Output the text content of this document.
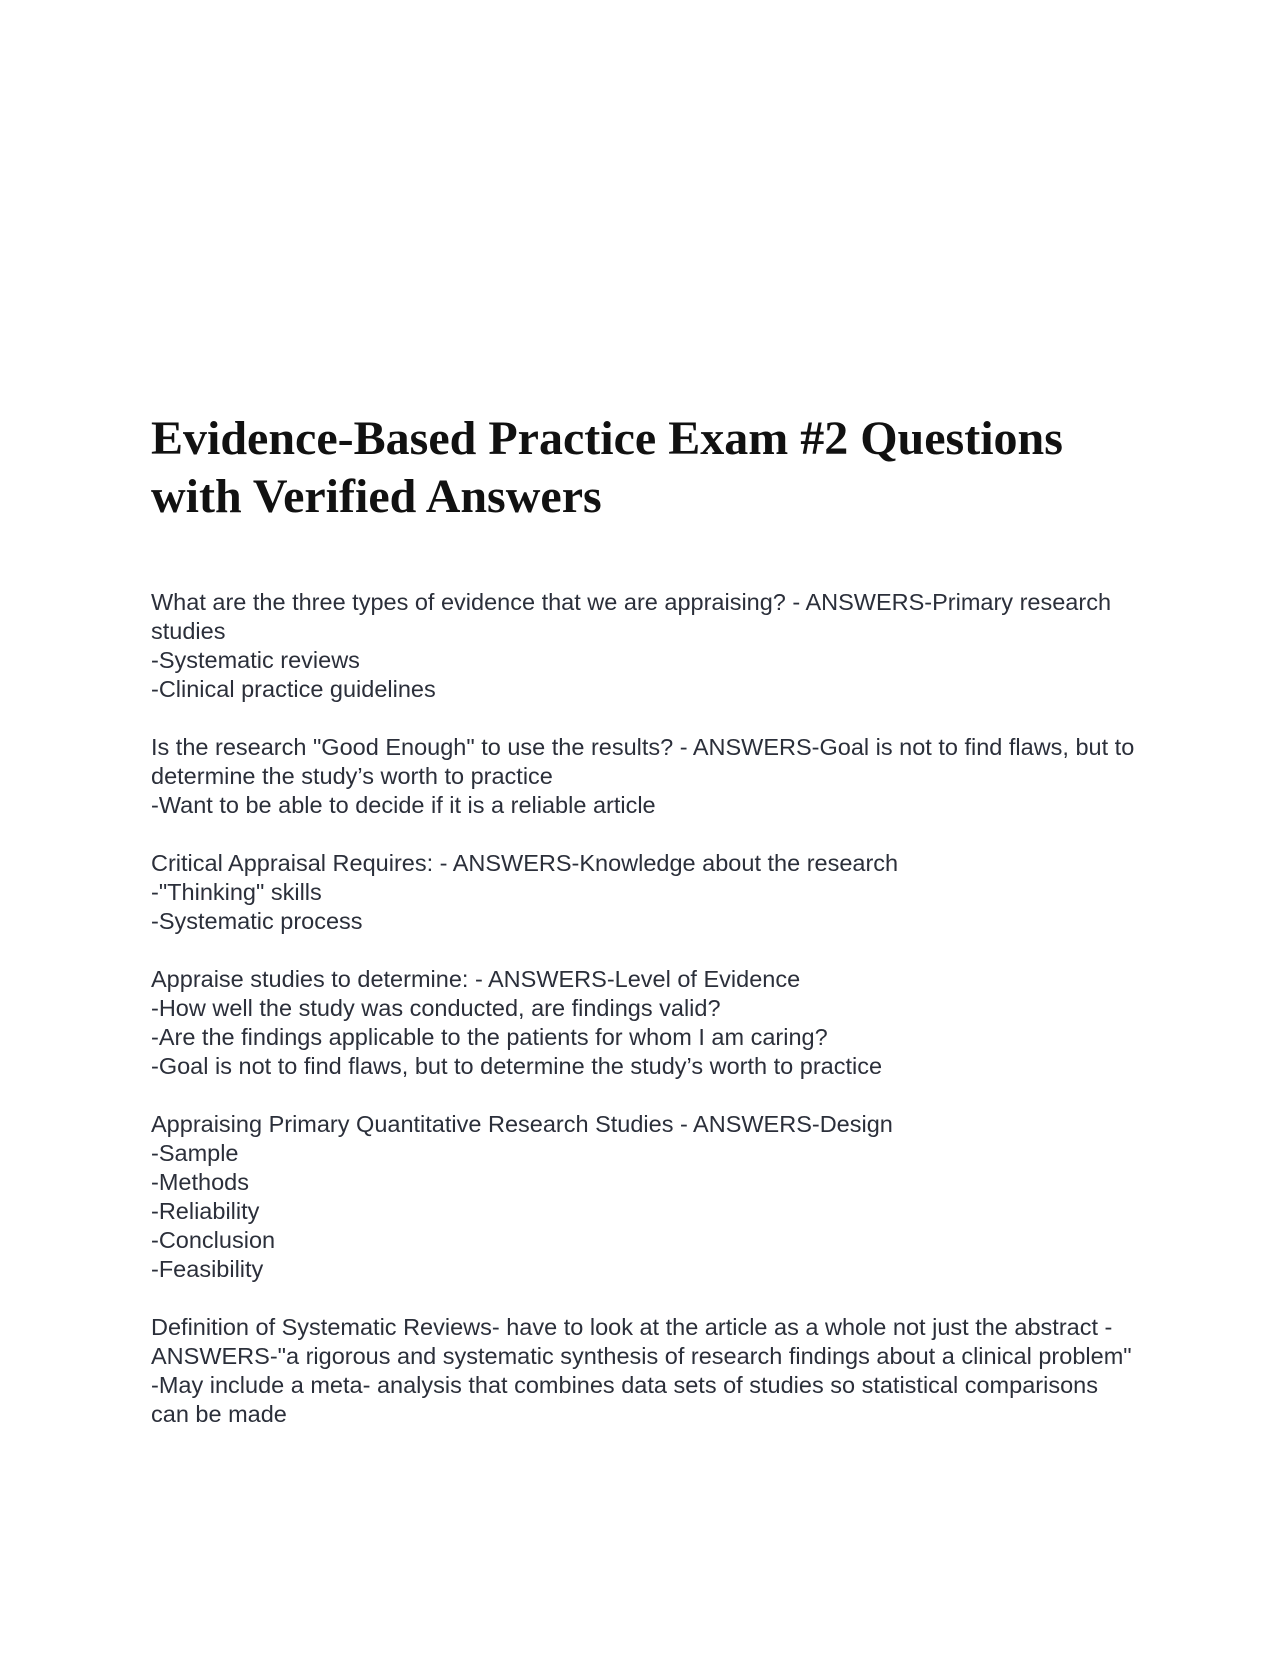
Evidence-Based Practice Exam #2 Questions with Verified Answers

What are the three types of evidence that we are appraising? - ANSWERS-Primary research studies

-Systematic reviews

-Clinical practice guidelines

Is the research "Good Enough" to use the results? - ANSWERS-Goal is not to find flaws, but to determine the study’s worth to practice

-Want to be able to decide if it is a reliable article

Critical Appraisal Requires: - ANSWERS-Knowledge about the research

-"Thinking" skills

-Systematic process

Appraise studies to determine: - ANSWERS-Level of Evidence

-How well the study was conducted, are findings valid?

-Are the findings applicable to the patients for whom I am caring?

-Goal is not to find flaws, but to determine the study’s worth to practice

Appraising Primary Quantitative Research Studies - ANSWERS-Design

-Sample

-Methods

-Reliability

-Conclusion

-Feasibility

Definition of Systematic Reviews- have to look at the article as a whole not just the abstract - ANSWERS-"a rigorous and systematic synthesis of research findings about a clinical problem"

-May include a meta- analysis that combines data sets of studies so statistical comparisons can be made
